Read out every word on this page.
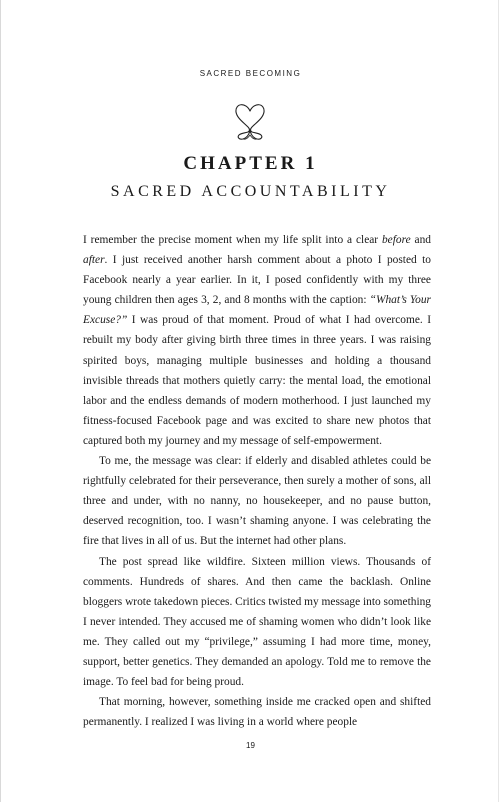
SACRED BECOMING
CHAPTER 1
SACRED ACCOUNTABILITY

I remember the precise moment when my life split into a clear before and after. I just received another harsh comment about a photo I posted to Facebook nearly a year earlier. In it, I posed confidently with my three young children then ages 3, 2, and 8 months with the caption: “What’s Your Excuse?” I was proud of that moment. Proud of what I had overcome. I rebuilt my body after giving birth three times in three years. I was raising spirited boys, managing multiple businesses and holding a thousand invisible threads that mothers quietly carry: the mental load, the emotional labor and the endless demands of modern motherhood. I just launched my fitness-focused Facebook page and was excited to share new photos that captured both my journey and my message of self-empowerment.

To me, the message was clear: if elderly and disabled athletes could be rightfully celebrated for their perseverance, then surely a mother of sons, all three and under, with no nanny, no housekeeper, and no pause button, deserved recognition, too. I wasn’t shaming anyone. I was celebrating the fire that lives in all of us. But the internet had other plans.

The post spread like wildfire. Sixteen million views. Thousands of comments. Hundreds of shares. And then came the backlash. Online bloggers wrote takedown pieces. Critics twisted my message into something I never intended. They accused me of shaming women who didn’t look like me. They called out my “privilege,” assuming I had more time, money, support, better genetics. They demanded an apology. Told me to remove the image. To feel bad for being proud.

That morning, however, something inside me cracked open and shifted permanently. I realized I was living in a world where people

19
